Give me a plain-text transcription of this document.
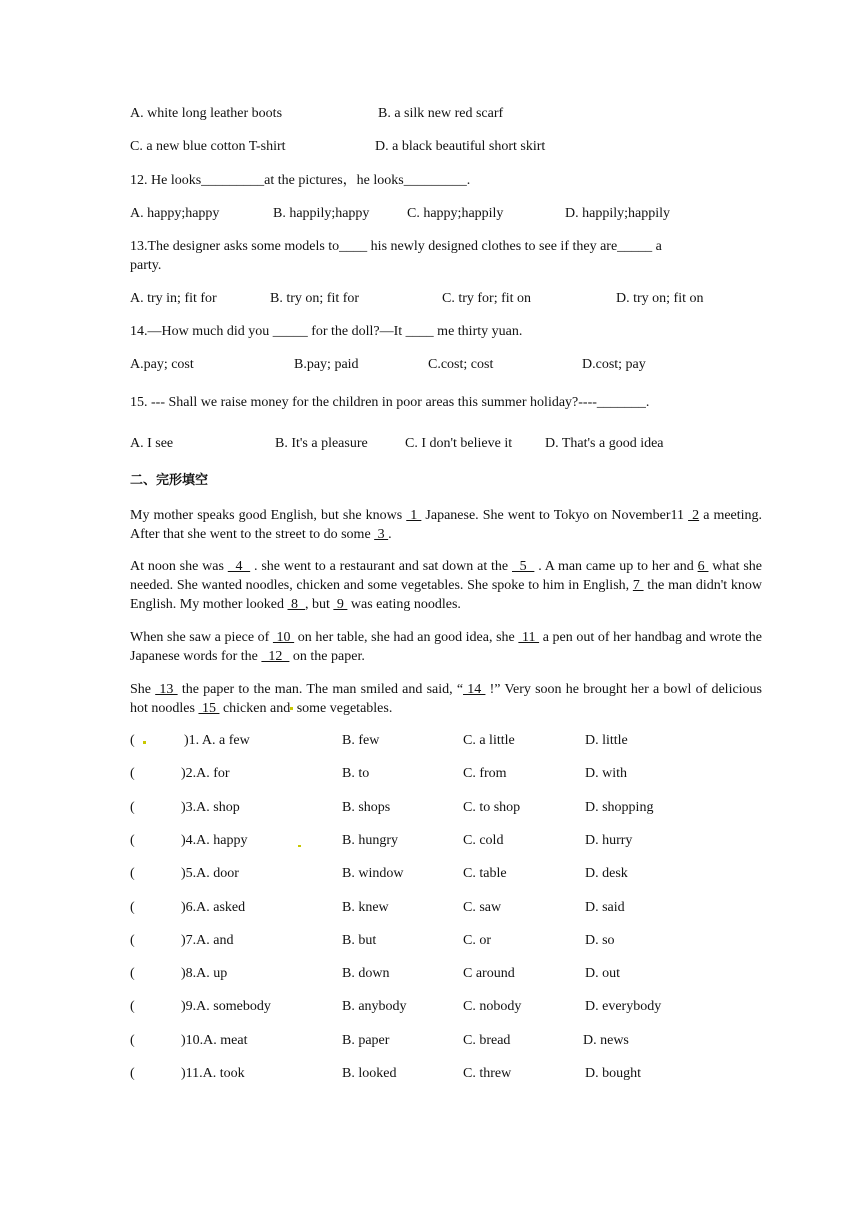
A. white long leather boots	B. a silk new red scarf
C. a new blue cotton T-shirt	D. a black beautiful short skirt
12. He looks_________at the pictures，he looks_________.
A. happy;happy	B. happily;happy	C. happy;happily	D. happily;happily
13.The designer asks some models to____ his newly designed clothes to see if they are_____ a
party.
A. try in; fit for	B. try on; fit for	C. try for; fit on	D. try on; fit on
14.—How much did you _____ for the doll?—It ____ me thirty yuan.
A.pay; cost	B.pay; paid	C.cost; cost	D.cost; pay
15. --- Shall we raise money for the children in poor areas this summer holiday?----_______.
A. I see	B. It's a pleasure	C. I don't believe it D. That's a good idea
二、完形填空
My mother speaks good English, but she knows  1  Japanese. She went to Tokyo on November11  2 a meeting. After that she went to the street to do some  3 .
At noon she was   4   . she went to a restaurant and sat down at the   5   . A man came up to her and 6  what she needed. She wanted noodles, chicken and some vegetables. She spoke to him in English, 7  the man didn't know English. My mother looked  8  , but  9  was eating noodles.
When she saw a piece of  10  on her table, she had an good idea, she  11  a pen out of her handbag and wrote the Japanese words for the   12   on the paper.
She  13  the paper to the man. The man smiled and said, “ 14  !” Very soon he brought her a bowl of delicious hot noodles  15  chicken and some vegetables.
(	)1. A. a few	B. few	C. a little	D. little
(	)2.A. for	B. to	C. from	D. with
(	)3.A. shop	B. shops	C. to shop	D. shopping
(	)4.A. happy	B. hungry	C. cold	D. hurry
(	)5.A. door	B. window	C. table	D. desk
(	)6.A. asked	B. knew	C. saw	D. said
(	)7.A. and	B. but	C. or	D. so
(	)8.A. up	B. down	C around	D. out
(	)9.A. somebody	B. anybody	C. nobody	D. everybody
(	)10.A. meat	B. paper	C. bread	D. news
(	)11.A. took	B. looked	C. threw	D. bought
